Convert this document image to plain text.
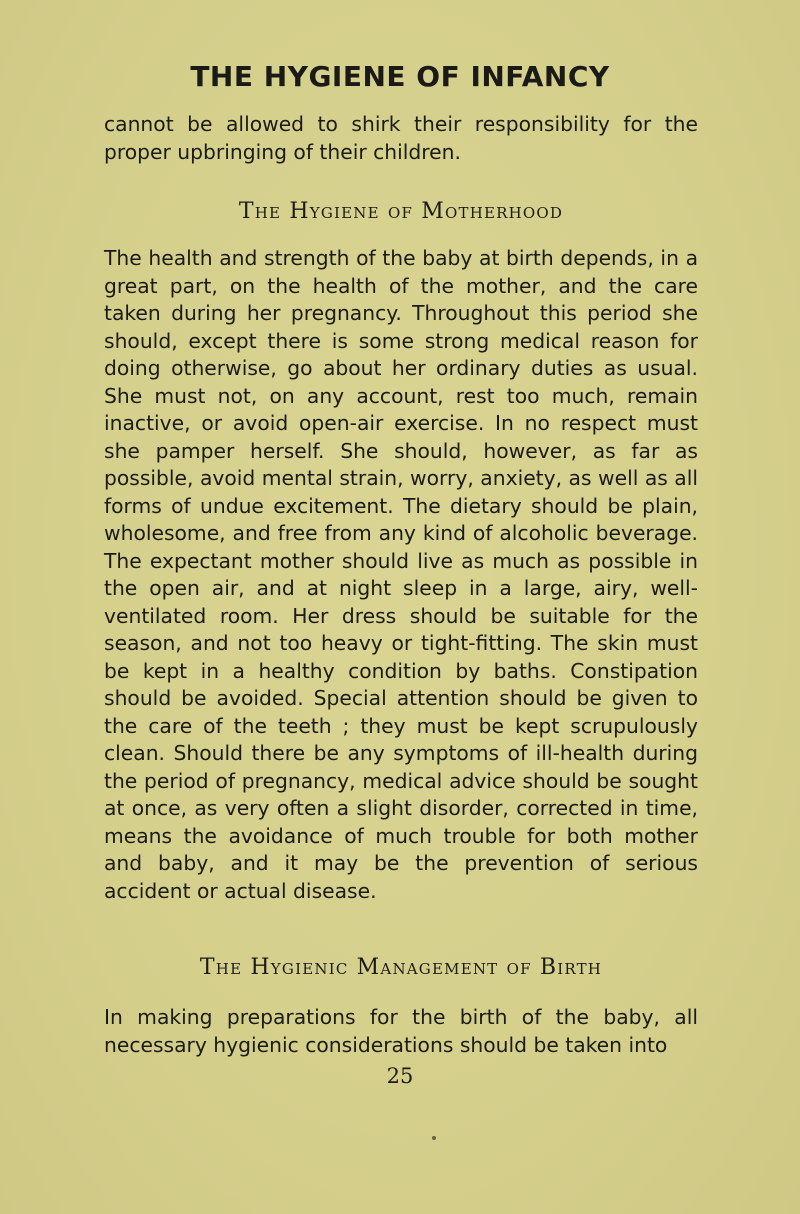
THE HYGIENE OF INFANCY
cannot be allowed to shirk their responsibility for the proper upbringing of their children.
The Hygiene of Motherhood
The health and strength of the baby at birth depends, in a great part, on the health of the mother, and the care taken during her pregnancy. Throughout this period she should, except there is some strong medical reason for doing otherwise, go about her ordinary duties as usual. She must not, on any account, rest too much, remain inactive, or avoid open-air exercise. In no respect must she pamper herself. She should, however, as far as possible, avoid mental strain, worry, anxiety, as well as all forms of undue excitement. The dietary should be plain, wholesome, and free from any kind of alcoholic beverage. The expectant mother should live as much as possible in the open air, and at night sleep in a large, airy, well-ventilated room. Her dress should be suitable for the season, and not too heavy or tight-fitting. The skin must be kept in a healthy condition by baths. Constipation should be avoided. Special attention should be given to the care of the teeth ; they must be kept scrupulously clean. Should there be any symptoms of ill-health during the period of pregnancy, medical advice should be sought at once, as very often a slight disorder, corrected in time, means the avoidance of much trouble for both mother and baby, and it may be the prevention of serious accident or actual disease.
The Hygienic Management of Birth
In making preparations for the birth of the baby, all necessary hygienic considerations should be taken into
25
